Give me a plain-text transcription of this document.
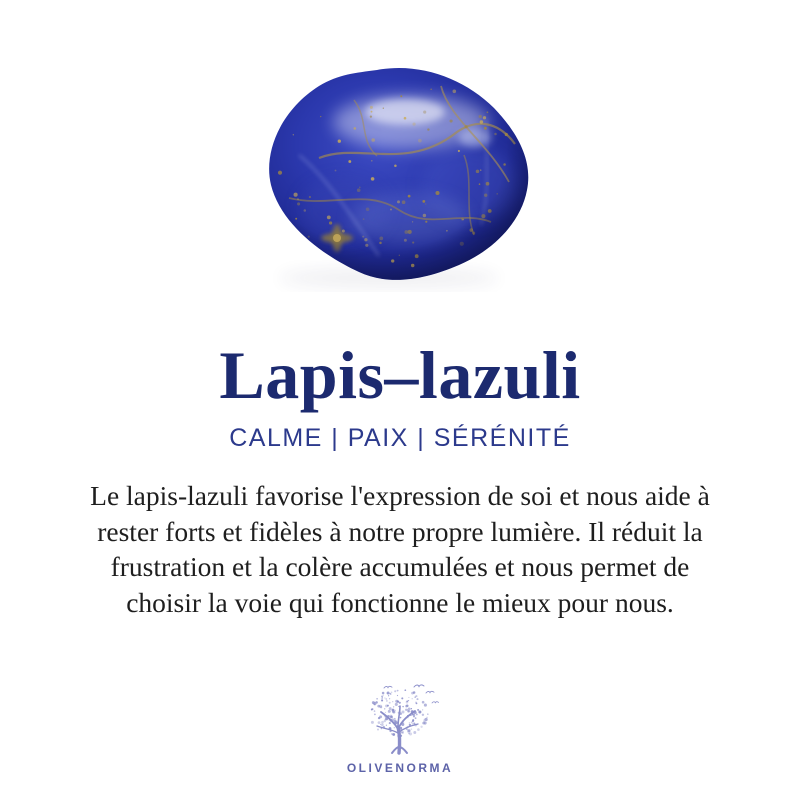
Lapis–lazuli
CALME | PAIX | SÉRÉNITÉ
Le lapis-lazuli favorise l'expression de soi et nous aide à
rester forts et fidèles à notre propre lumière. Il réduit la
frustration et la colère accumulées et nous permet de
choisir la voie qui fonctionne le mieux pour nous.
OLIVENORMA
